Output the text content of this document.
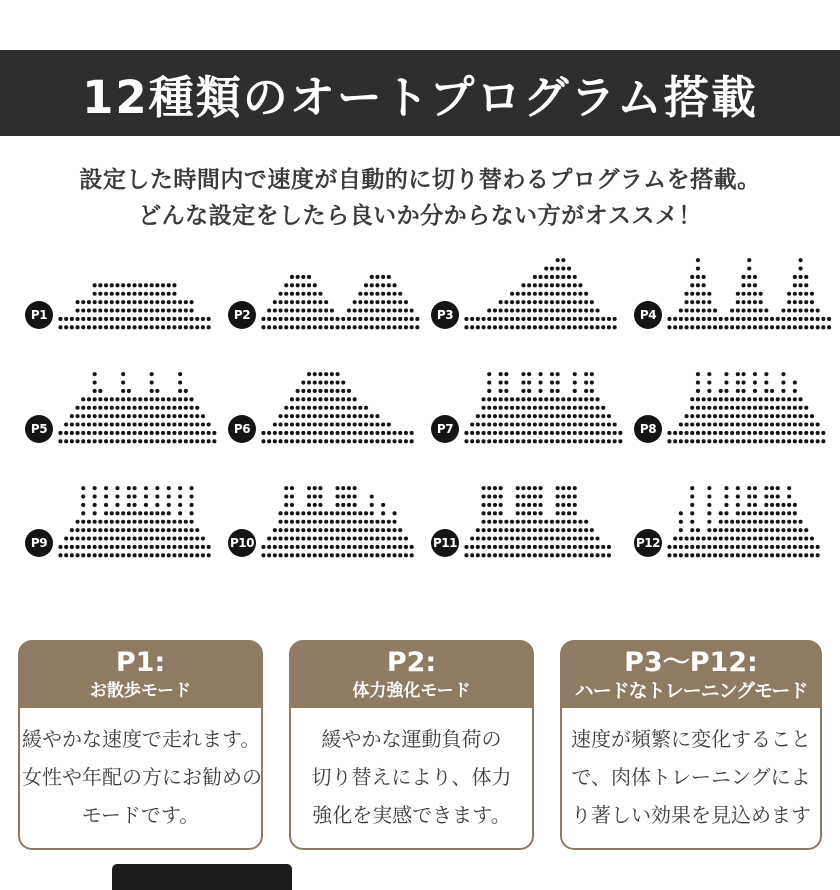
12種類のオートプログラム搭載
設定した時間内で速度が自動的に切り替わるプログラムを搭載。
どんな設定をしたら良いか分からない方がオススメ！
P1	P2	P3	P4
P5	P6	P7	P8
P9	P10	P11	P12
P1:
お散歩モード
緩やかな速度で走れます。
女性や年配の方にお勧めの
モードです。
P2:
体力強化モード
緩やかな運動負荷の
切り替えにより、体力
強化を実感できます。
P3〜P12:
ハードなトレーニングモード
速度が頻繁に変化すること
で、肉体トレーニングによ
り著しい効果を見込めます
